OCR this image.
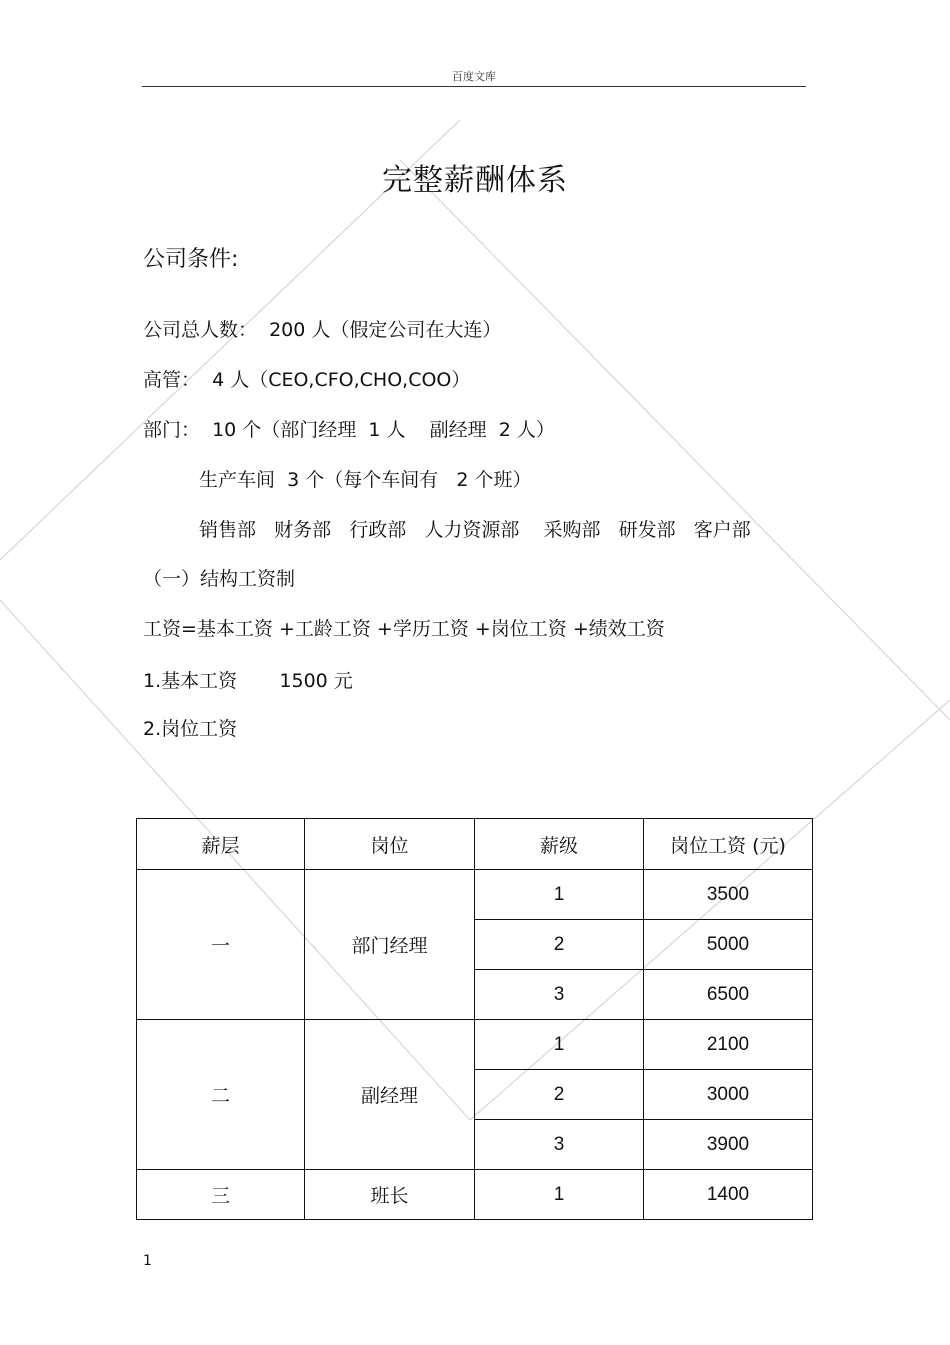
百度文库
完整薪酬体系
公司条件:
公司总人数：  200 人（假定公司在大连）
高管：  4 人（CEO,CFO,CHO,COO）
部门：  10 个（部门经理  1 人    副经理  2 人）
生产车间  3 个（每个车间有   2 个班）
销售部   财务部   行政部   人力资源部    采购部   研发部   客户部
（一）结构工资制
工资=基本工资 +工龄工资 +学历工资 +岗位工资 +绩效工资
1.基本工资       1500 元
2.岗位工资
薪层	岗位	薪级	岗位工资 (元)
一	部门经理	1	3500
		2	5000
		3	6500
二	副经理	1	2100
		2	3000
		3	3900
三	班长	1	1400
1
